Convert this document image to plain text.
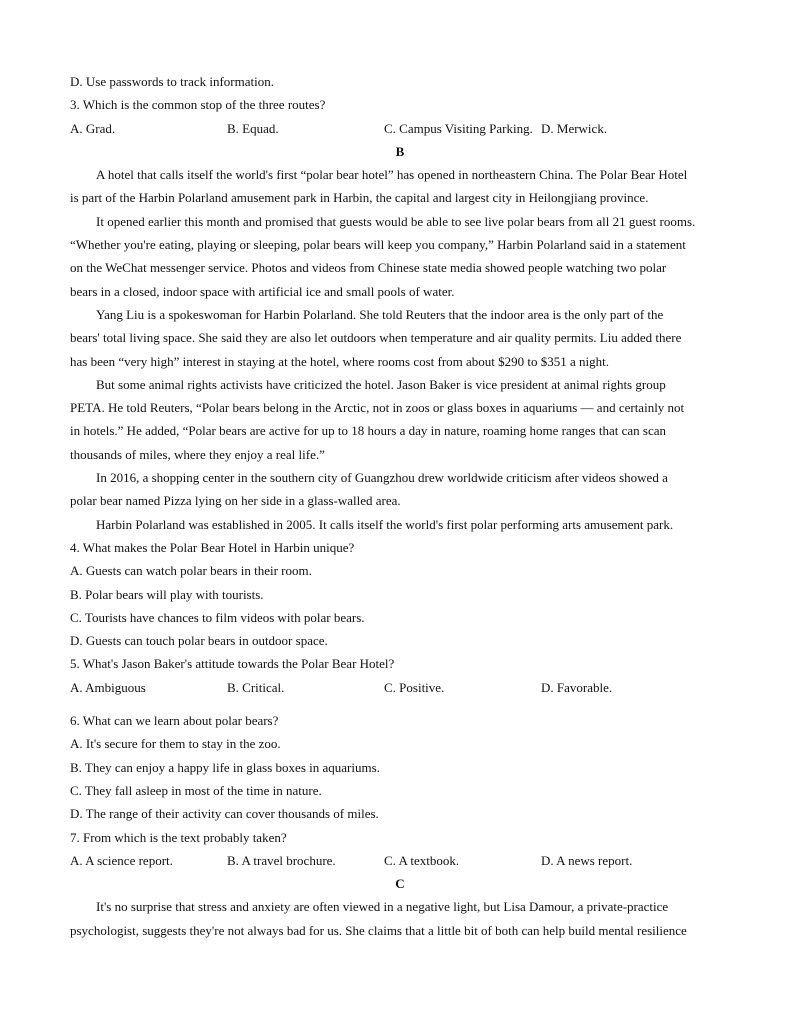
D. Use passwords to track information.
3. Which is the common stop of the three routes?
A. Grad.	B. Equad.	C. Campus Visiting Parking. D. Merwick.
B
A hotel that calls itself the world's first “polar bear hotel” has opened in northeastern China. The Polar Bear Hotel
is part of the Harbin Polarland amusement park in Harbin, the capital and largest city in Heilongjiang province.
It opened earlier this month and promised that guests would be able to see live polar bears from all 21 guest rooms.
“Whether you're eating, playing or sleeping, polar bears will keep you company,” Harbin Polarland said in a statement
on the WeChat messenger service. Photos and videos from Chinese state media showed people watching two polar
bears in a closed, indoor space with artificial ice and small pools of water.
Yang Liu is a spokeswoman for Harbin Polarland. She told Reuters that the indoor area is the only part of the
bears' total living space. She said they are also let outdoors when temperature and air quality permits. Liu added there
has been “very high” interest in staying at the hotel, where rooms cost from about $290 to $351 a night.
But some animal rights activists have criticized the hotel. Jason Baker is vice president at animal rights group
PETA. He told Reuters, “Polar bears belong in the Arctic, not in zoos or glass boxes in aquariums — and certainly not
in hotels.” He added, “Polar bears are active for up to 18 hours a day in nature, roaming home ranges that can scan
thousands of miles, where they enjoy a real life.”
In 2016, a shopping center in the southern city of Guangzhou drew worldwide criticism after videos showed a
polar bear named Pizza lying on her side in a glass-walled area.
Harbin Polarland was established in 2005. It calls itself the world's first polar performing arts amusement park.
4. What makes the Polar Bear Hotel in Harbin unique?
A. Guests can watch polar bears in their room.
B. Polar bears will play with tourists.
C. Tourists have chances to film videos with polar bears.
D. Guests can touch polar bears in outdoor space.
5. What's Jason Baker's attitude towards the Polar Bear Hotel?
A. Ambiguous	B. Critical.	C. Positive.	D. Favorable.
6. What can we learn about polar bears?
A. It's secure for them to stay in the zoo.
B. They can enjoy a happy life in glass boxes in aquariums.
C. They fall asleep in most of the time in nature.
D. The range of their activity can cover thousands of miles.
7. From which is the text probably taken?
A. A science report.	B. A travel brochure.	C. A textbook.	D. A news report.
C
It's no surprise that stress and anxiety are often viewed in a negative light, but Lisa Damour, a private-practice
psychologist, suggests they're not always bad for us. She claims that a little bit of both can help build mental resilience
